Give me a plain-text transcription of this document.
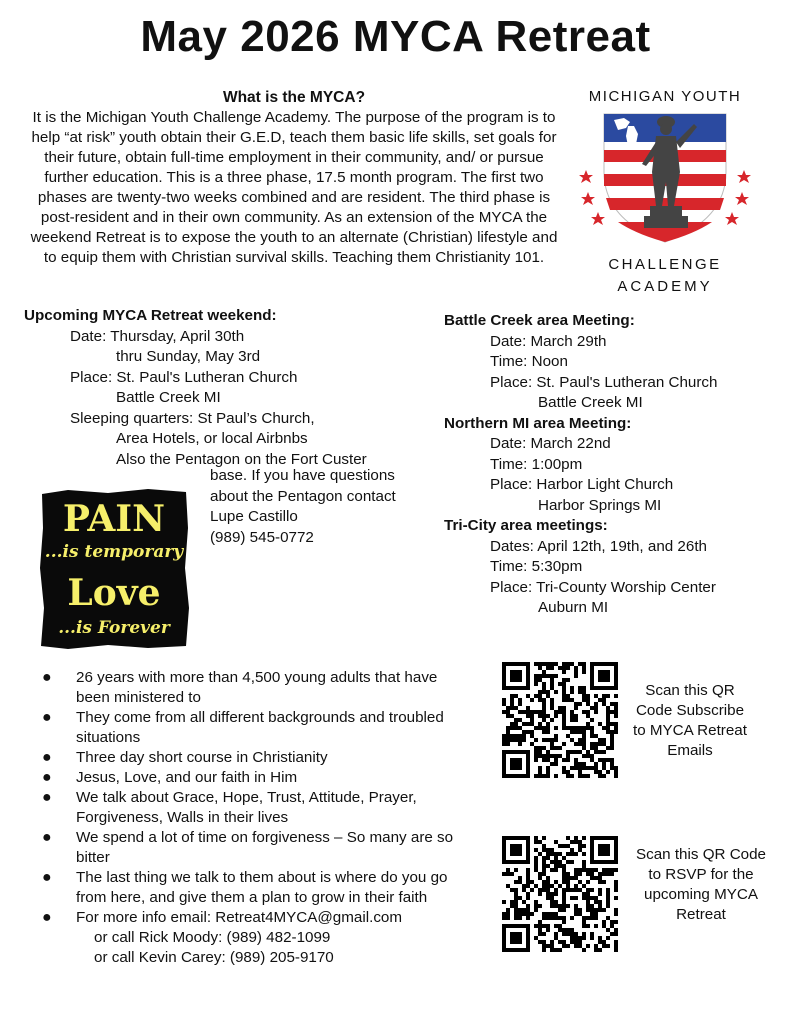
May 2026 MYCA Retreat
What is the MYCA?

It is the Michigan Youth Challenge Academy. The purpose of the program is to help “at risk” youth obtain their G.E.D, teach them basic life skills, set goals for their future, obtain full-time employment in their community, and/ or pursue further education. This is a three phase, 17.5 month program. The first two phases are twenty-two weeks combined and are resident. The third phase is post-resident and in their own community. As an extension of the MYCA the weekend Retreat is to expose the youth to an alternate (Christian) lifestyle and to equip them with Christian survival skills. Teaching them Christianity 101.

MICHIGAN YOUTH
CHALLENGE
ACADEMY
Upcoming MYCA Retreat weekend:
Date: Thursday, April 30th
thru Sunday, May 3rd
Place: St. Paul's Lutheran Church
Battle Creek MI
Sleeping quarters: St Paul’s Church,
Area Hotels, or local Airbnbs
Also the Pentagon on the Fort Custer
base. If you have questions
about the Pentagon contact
Lupe Castillo
(989) 545-0772
PAIN
...is temporary
Love
...is Forever
Battle Creek area Meeting:
Date: March 29th
Time: Noon
Place: St. Paul's Lutheran Church
Battle Creek MI
Northern MI area Meeting:
Date: March 22nd
Time: 1:00pm
Place: Harbor Light Church
Harbor Springs MI
Tri-City area meetings:
Dates: April 12th, 19th, and 26th
Time: 5:30pm
Place: Tri-County Worship Center
Auburn MI
● 26 years with more than 4,500 young adults that have been ministered to
● They come from all different backgrounds and troubled situations
● Three day short course in Christianity
● Jesus, Love, and our faith in Him
● We talk about Grace, Hope, Trust, Attitude, Prayer, Forgiveness, Walls in their lives
● We spend a lot of time on forgiveness – So many are so bitter
● The last thing we talk to them about is where do you go from here, and give them a plan to grow in their faith
● For more info email: Retreat4MYCA@gmail.com
or call Rick Moody: (989) 482-1099
or call Kevin Carey: (989) 205-9170
Scan this QR Code Subscribe to MYCA Retreat Emails
Scan this QR Code to RSVP for the upcoming MYCA Retreat
